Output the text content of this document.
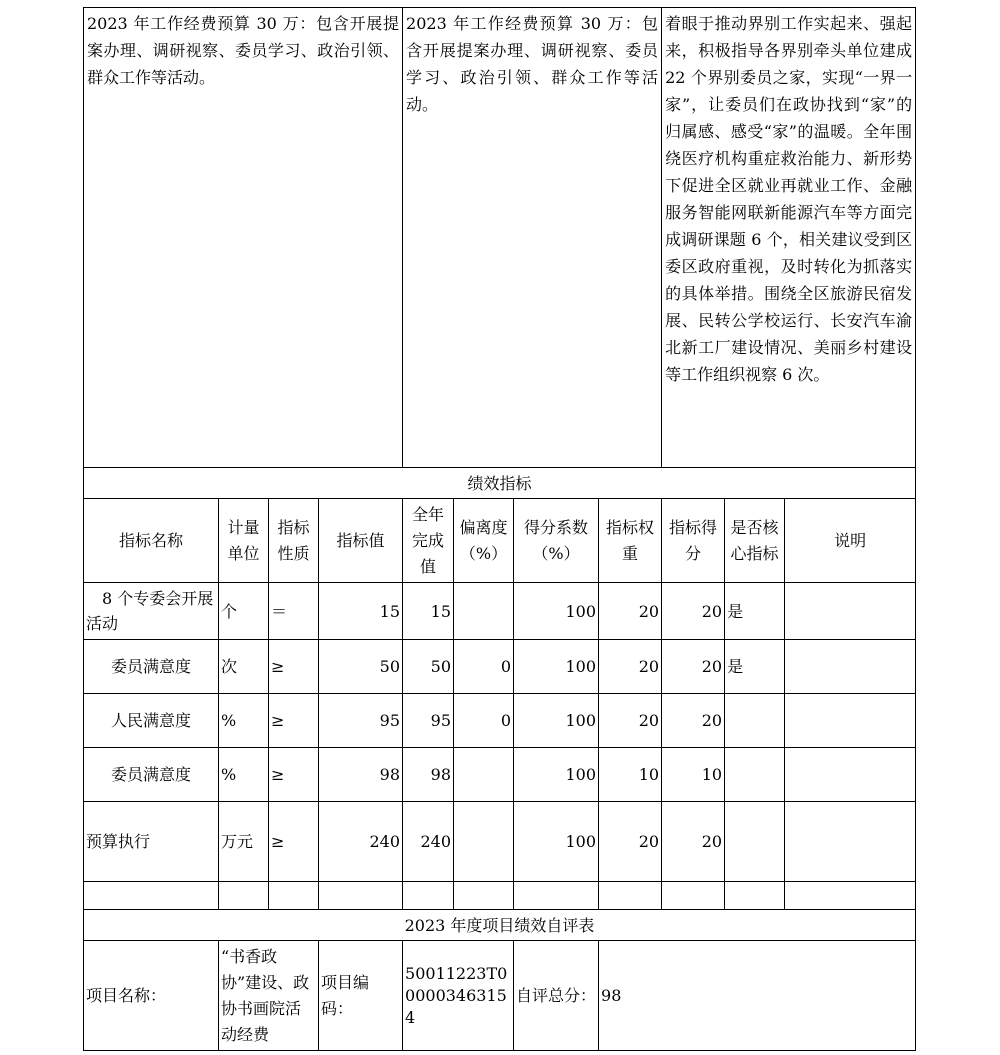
2023 年工作经费预算 30 万：包含开展提案办理、调研视察、委员学习、政治引领、群众工作等活动。				2023 年工作经费预算 30 万：包含开展提案办理、调研视察、委员学习、政治引领、群众工作等活动。				着眼于推动界别工作实起来、强起来，积极指导各界别牵头单位建成 22 个界别委员之家，实现“一界一家”，让委员们在政协找到“家”的归属感、感受“家”的温暖。全年围绕医疗机构重症救治能力、新形势下促进全区就业再就业工作、金融服务智能网联新能源汽车等方面完成调研课题 6 个，相关建议受到区委区政府重视，及时转化为抓落实的具体举措。围绕全区旅游民宿发展、民转公学校运行、长安汽车渝北新工厂建设情况、美丽乡村建设等工作组织视察 6 次。		
绩效指标										
指标名称	计量单位	指标性质	指标值	全年完成值	偏离度（%）	得分系数（%）	指标权重	指标得分	是否核心指标	说明
8 个专委会开展活动	个	＝	15	15		100	20	20	是	
委员满意度	次	≥	50	50	0	100	20	20	是	
人民满意度	%	≥	95	95	0	100	20	20		
委员满意度	%	≥	98	98		100	10	10		
预算执行	万元	≥	240	240		100	20	20		

2023 年度项目绩效自评表										
项目名称：	“书香政协”建设、政协书画院活动经费		项目编码：	50011223T000003463154		自评总分：	98			
